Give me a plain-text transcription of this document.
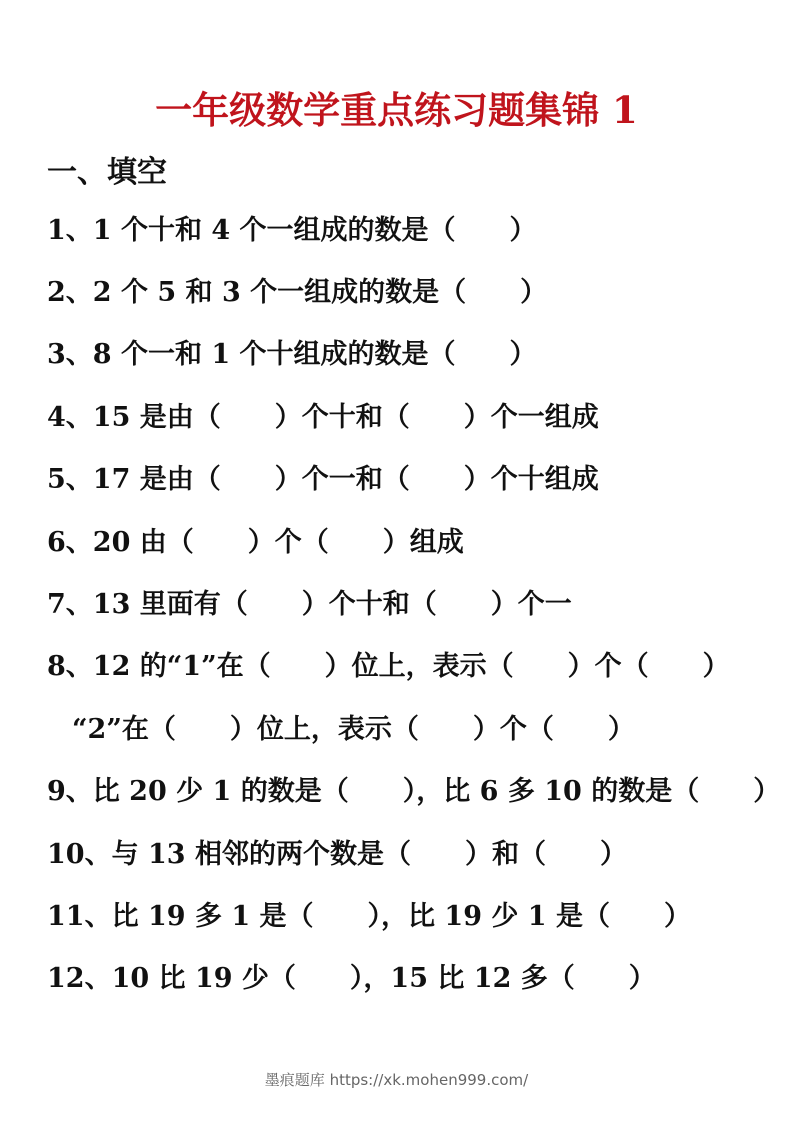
一年级数学重点练习题集锦 1
一、填空
1、1 个十和 4 个一组成的数是（　　）
2、2 个 5 和 3 个一组成的数是（　　）
3、8 个一和 1 个十组成的数是（　　）
4、15 是由（　　）个十和（　　）个一组成
5、17 是由（　　）个一和（　　）个十组成
6、20 由（　　）个（　　）组成
7、13 里面有（　　）个十和（　　）个一
8、12 的“1”在（　　）位上，表示（　　）个（　　）
“2”在（　　）位上，表示（　　）个（　　）
9、比 20 少 1 的数是（　　），比 6 多 10 的数是（　　）
10、与 13 相邻的两个数是（　　）和（　　）
11、比 19 多 1 是（　　），比 19 少 1 是（　　）
12、10 比 19 少（　　），15 比 12 多（　　）
墨痕题库 https://xk.mohen999.com/
